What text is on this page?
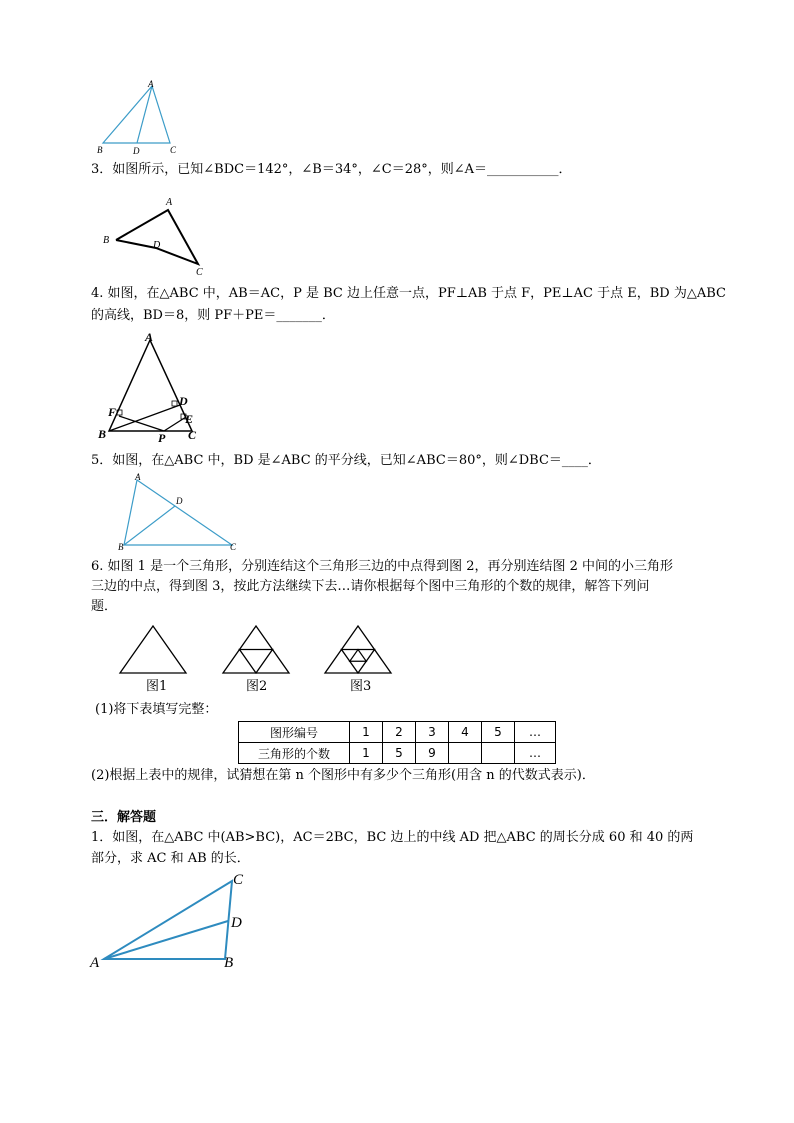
A
B	D	C
3．如图所示，已知∠BDC＝142°，∠B＝34°，∠C＝28°，则∠A＝___________．
A
B	D
C
4. 如图，在△ABC 中，AB＝AC，P 是 BC 边上任意一点，PF⊥AB 于点 F，PE⊥AC 于点 E，BD 为△ABC
的高线，BD＝8，则 PF＋PE＝_______．
A
D
F	E
B	P C
5．如图，在△ABC 中，BD 是∠ABC 的平分线，已知∠ABC＝80°，则∠DBC＝____．
A
D
B	C
6. 如图 1 是一个三角形，分别连结这个三角形三边的中点得到图 2，再分别连结图 2 中间的小三角形
三边的中点，得到图 3，按此方法继续下去…请你根据每个图中三角形的个数的规律，解答下列问
题．
图1	图2	图3
(1)将下表填写完整：
图形编号	1	2	3	4	5	…
三角形的个数	1	5	9			…
(2)根据上表中的规律，试猜想在第 n 个图形中有多少个三角形(用含 n 的代数式表示)．
三．解答题
1．如图，在△ABC 中(AB>BC)，AC＝2BC，BC 边上的中线 AD 把△ABC 的周长分成 60 和 40 的两
部分，求 AC 和 AB 的长．
C
D
A	B
